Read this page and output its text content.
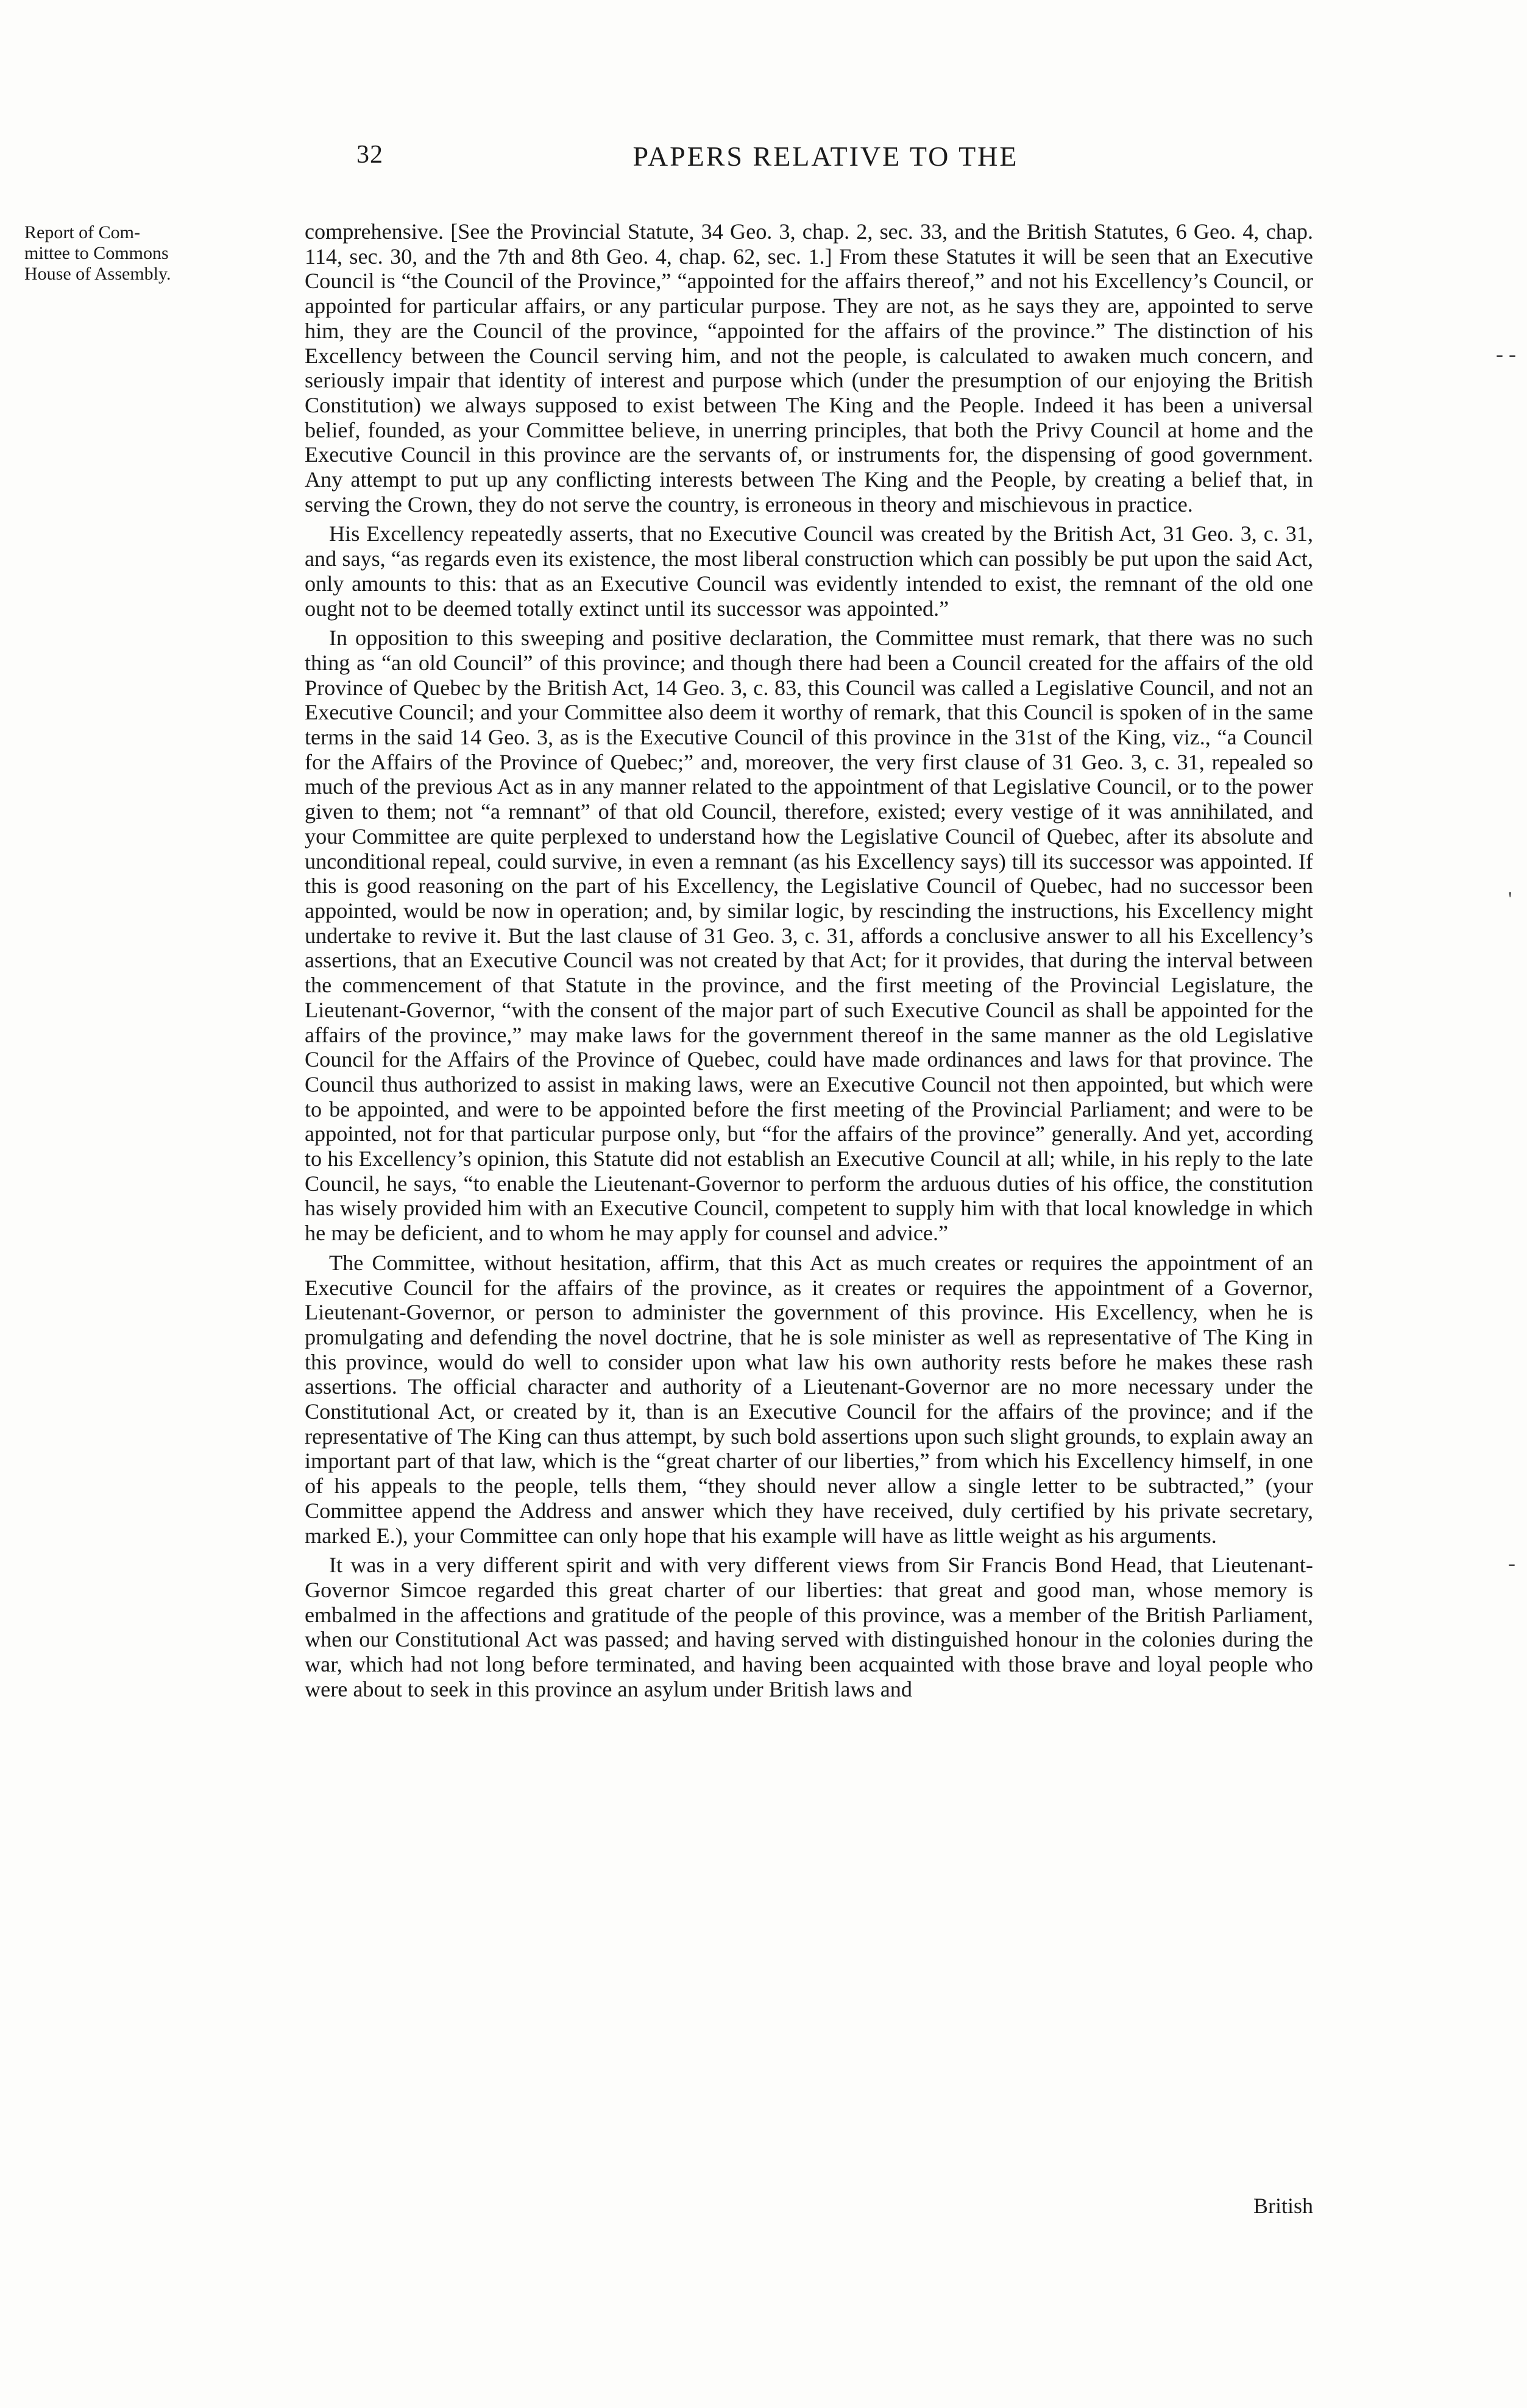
32	PAPERS RELATIVE TO THE
Report of Com-
mittee to Commons
House of Assembly.

comprehensive. [See the Provincial Statute, 34 Geo. 3, chap. 2, sec. 33, and the British Statutes, 6 Geo. 4, chap. 114, sec. 30, and the 7th and 8th Geo. 4, chap. 62, sec. 1.] From these Statutes it will be seen that an Executive Council is “the Council of the Province,” “appointed for the affairs thereof,” and not his Excellency’s Council, or appointed for particular affairs, or any particular purpose. They are not, as he says they are, appointed to serve him, they are the Council of the province, “appointed for the affairs of the province.” The distinction of his Excellency between the Council serving him, and not the people, is calculated to awaken much concern, and seriously impair that identity of interest and purpose which (under the presumption of our enjoying the British Constitution) we always supposed to exist between The King and the People. Indeed it has been a universal belief, founded, as your Committee believe, in unerring principles, that both the Privy Council at home and the Executive Council in this province are the servants of, or instruments for, the dispensing of good government. Any attempt to put up any conflicting interests between The King and the People, by creating a belief that, in serving the Crown, they do not serve the country, is erroneous in theory and mischievous in practice.

His Excellency repeatedly asserts, that no Executive Council was created by the British Act, 31 Geo. 3, c. 31, and says, “as regards even its existence, the most liberal construction which can possibly be put upon the said Act, only amounts to this: that as an Executive Council was evidently intended to exist, the remnant of the old one ought not to be deemed totally extinct until its successor was appointed.”

In opposition to this sweeping and positive declaration, the Committee must remark, that there was no such thing as “an old Council” of this province; and though there had been a Council created for the affairs of the old Province of Quebec by the British Act, 14 Geo. 3, c. 83, this Council was called a Legislative Council, and not an Executive Council; and your Committee also deem it worthy of remark, that this Council is spoken of in the same terms in the said 14 Geo. 3, as is the Executive Council of this province in the 31st of the King, viz., “a Council for the Affairs of the Province of Quebec;” and, moreover, the very first clause of 31 Geo. 3, c. 31, repealed so much of the previous Act as in any manner related to the appointment of that Legislative Council, or to the power given to them; not “a remnant” of that old Council, therefore, existed; every vestige of it was annihilated, and your Committee are quite perplexed to understand how the Legislative Council of Quebec, after its absolute and unconditional repeal, could survive, in even a remnant (as his Excellency says) till its successor was appointed. If this is good reasoning on the part of his Excellency, the Legislative Council of Quebec, had no successor been appointed, would be now in operation; and, by similar logic, by rescinding the instructions, his Excellency might undertake to revive it. But the last clause of 31 Geo. 3, c. 31, affords a conclusive answer to all his Excellency’s assertions, that an Executive Council was not created by that Act; for it provides, that during the interval between the commencement of that Statute in the province, and the first meeting of the Provincial Legislature, the Lieutenant-Governor, “with the consent of the major part of such Executive Council as shall be appointed for the affairs of the province,” may make laws for the government thereof in the same manner as the old Legislative Council for the Affairs of the Province of Quebec, could have made ordinances and laws for that province. The Council thus authorized to assist in making laws, were an Executive Council not then appointed, but which were to be appointed, and were to be appointed before the first meeting of the Provincial Parliament; and were to be appointed, not for that particular purpose only, but “for the affairs of the province” generally. And yet, according to his Excellency’s opinion, this Statute did not establish an Executive Council at all; while, in his reply to the late Council, he says, “to enable the Lieutenant-Governor to perform the arduous duties of his office, the constitution has wisely provided him with an Executive Council, competent to supply him with that local knowledge in which he may be deficient, and to whom he may apply for counsel and advice.”

The Committee, without hesitation, affirm, that this Act as much creates or requires the appointment of an Executive Council for the affairs of the province, as it creates or requires the appointment of a Governor, Lieutenant-Governor, or person to administer the government of this province. His Excellency, when he is promulgating and defending the novel doctrine, that he is sole minister as well as representative of The King in this province, would do well to consider upon what law his own authority rests before he makes these rash assertions. The official character and authority of a Lieutenant-Governor are no more necessary under the Constitutional Act, or created by it, than is an Executive Council for the affairs of the province; and if the representative of The King can thus attempt, by such bold assertions upon such slight grounds, to explain away an important part of that law, which is the “great charter of our liberties,” from which his Excellency himself, in one of his appeals to the people, tells them, “they should never allow a single letter to be subtracted,” (your Committee append the Address and answer which they have received, duly certified by his private secretary, marked E.), your Committee can only hope that his example will have as little weight as his arguments.

It was in a very different spirit and with very different views from Sir Francis Bond Head, that Lieutenant-Governor Simcoe regarded this great charter of our liberties: that great and good man, whose memory is embalmed in the affections and gratitude of the people of this province, was a member of the British Parliament, when our Constitutional Act was passed; and having served with distinguished honour in the colonies during the war, which had not long before terminated, and having been acquainted with those brave and loyal people who were about to seek in this province an asylum under British laws and

British
- -
'
-
